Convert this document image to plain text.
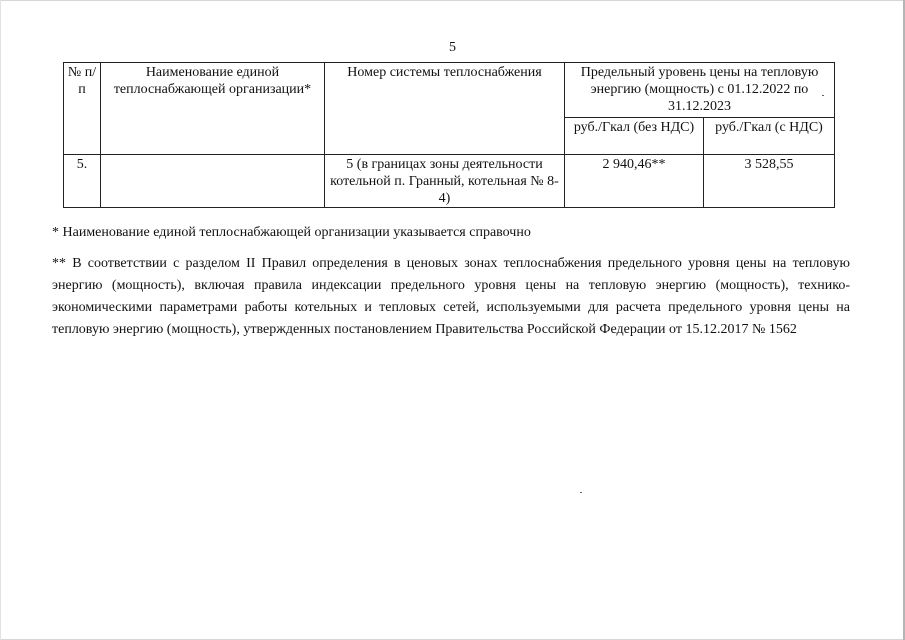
5
№ п/п	Наименование единой теплоснабжающей организации*	Номер системы теплоснабжения	Предельный уровень цены на тепловую энергию (мощность) с 01.12.2022 по 31.12.2023	
			руб./Гкал (без НДС)	руб./Гкал (с НДС)
5.		5 (в границах зоны деятельности котельной п. Гранный, котельная № 8-4)	2 940,46**	3 528,55

* Наименование единой теплоснабжающей организации указывается справочно

** В соответствии с разделом II Правил определения в ценовых зонах теплоснабжения предельного уровня цены на тепловую энергию (мощность), включая правила индексации предельного уровня цены на тепловую энергию (мощность), технико-экономическими параметрами работы котельных и тепловых сетей, используемыми для расчета предельного уровня цены на тепловую энергию (мощность), утвержденных постановлением Правительства Российской Федерации от 15.12.2017 № 1562
